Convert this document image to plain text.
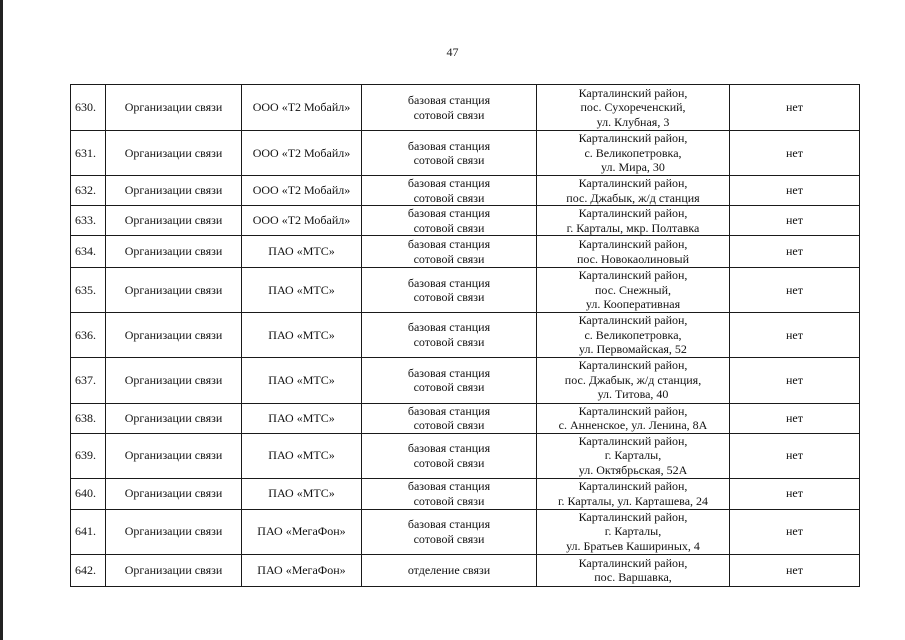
47
630.	Организации связи	ООО «Т2 Мобайл»	базовая станция
сотовой связи	Карталинский район,
пос. Сухореченский,
ул. Клубная, 3	нет
631.	Организации связи	ООО «Т2 Мобайл»	базовая станция
сотовой связи	Карталинский район,
с. Великопетровка,
ул. Мира, 30	нет
632.	Организации связи	ООО «Т2 Мобайл»	базовая станция
сотовой связи	Карталинский район,
пос. Джабык, ж/д станция	нет
633.	Организации связи	ООО «Т2 Мобайл»	базовая станция
сотовой связи	Карталинский район,
г. Карталы, мкр. Полтавка	нет
634.	Организации связи	ПАО «МТС»	базовая станция
сотовой связи	Карталинский район,
пос. Новокаолиновый	нет
635.	Организации связи	ПАО «МТС»	базовая станция
сотовой связи	Карталинский район,
пос. Снежный,
ул. Кооперативная	нет
636.	Организации связи	ПАО «МТС»	базовая станция
сотовой связи	Карталинский район,
с. Великопетровка,
ул. Первомайская, 52	нет
637.	Организации связи	ПАО «МТС»	базовая станция
сотовой связи	Карталинский район,
пос. Джабык, ж/д станция,
ул. Титова, 40	нет
638.	Организации связи	ПАО «МТС»	базовая станция
сотовой связи	Карталинский район,
с. Анненское, ул. Ленина, 8А	нет
639.	Организации связи	ПАО «МТС»	базовая станция
сотовой связи	Карталинский район,
г. Карталы,
ул. Октябрьская, 52А	нет
640.	Организации связи	ПАО «МТС»	базовая станция
сотовой связи	Карталинский район,
г. Карталы, ул. Карташева, 24	нет
641.	Организации связи	ПАО «МегаФон»	базовая станция
сотовой связи	Карталинский район,
г. Карталы,
ул. Братьев Кашириных, 4	нет
642.	Организации связи	ПАО «МегаФон»	отделение связи	Карталинский район,
пос. Варшавка,	нет
